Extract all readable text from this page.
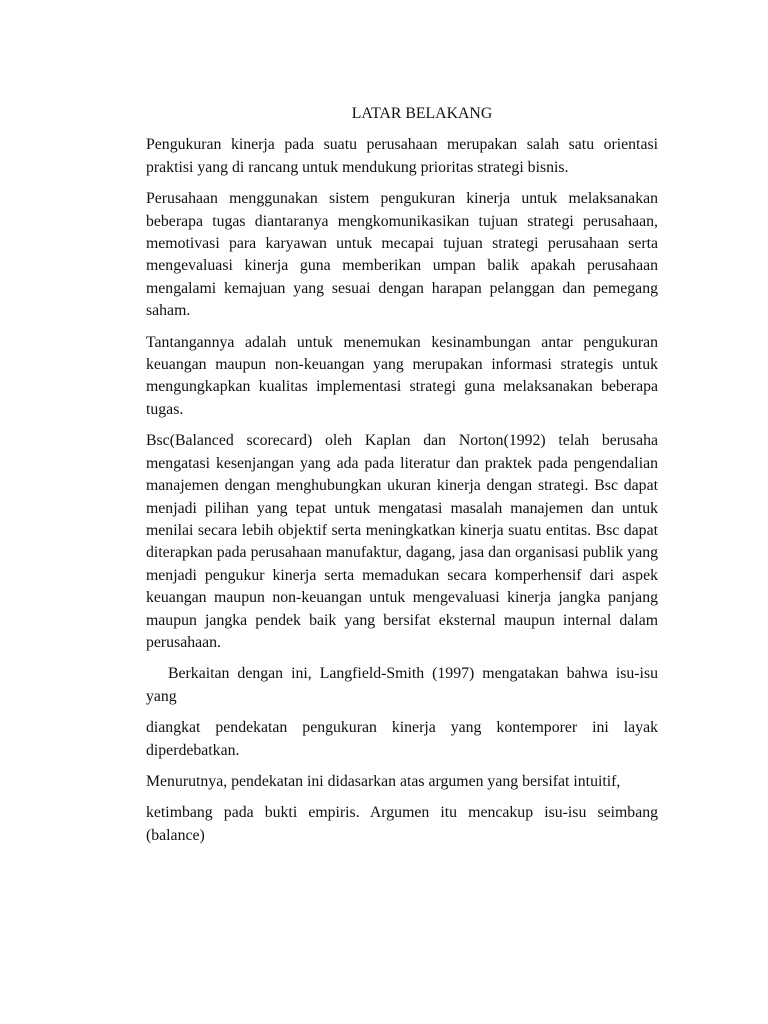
LATAR BELAKANG

Pengukuran kinerja pada suatu perusahaan merupakan salah satu orientasi praktisi yang di rancang untuk mendukung prioritas strategi bisnis.

Perusahaan menggunakan sistem pengukuran kinerja untuk melaksanakan beberapa tugas diantaranya mengkomunikasikan tujuan strategi perusahaan, memotivasi para karyawan untuk mecapai tujuan strategi perusahaan serta mengevaluasi kinerja guna memberikan umpan balik apakah perusahaan mengalami kemajuan yang sesuai dengan harapan pelanggan dan pemegang saham.

Tantangannya adalah untuk menemukan kesinambungan antar pengukuran keuangan maupun non-keuangan yang merupakan informasi strategis untuk mengungkapkan kualitas implementasi strategi guna melaksanakan beberapa tugas.

Bsc(Balanced scorecard) oleh Kaplan dan Norton(1992) telah berusaha mengatasi kesenjangan yang ada pada literatur dan praktek pada pengendalian manajemen dengan menghubungkan ukuran kinerja dengan strategi. Bsc dapat menjadi pilihan yang tepat untuk mengatasi masalah manajemen dan untuk menilai secara lebih objektif serta meningkatkan kinerja suatu entitas. Bsc dapat diterapkan pada perusahaan manufaktur, dagang, jasa dan organisasi publik yang menjadi pengukur kinerja serta memadukan secara komperhensif dari aspek keuangan maupun non-keuangan untuk mengevaluasi kinerja jangka panjang maupun jangka pendek baik yang bersifat eksternal maupun internal dalam perusahaan.

Berkaitan dengan ini, Langfield-Smith (1997) mengatakan bahwa isu-isu yang

diangkat pendekatan pengukuran kinerja yang kontemporer ini layak diperdebatkan.

Menurutnya, pendekatan ini didasarkan atas argumen yang bersifat intuitif,

ketimbang pada bukti empiris. Argumen itu mencakup isu-isu seimbang (balance)
